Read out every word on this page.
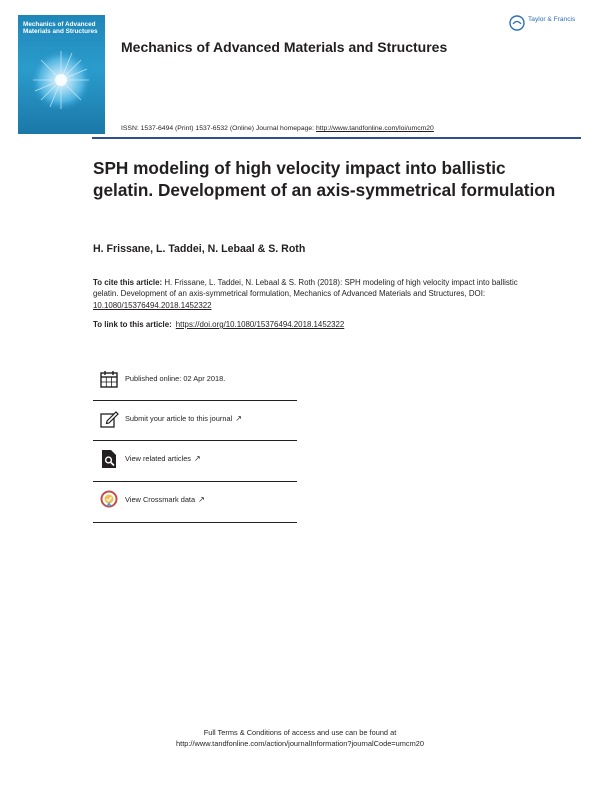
Mechanics of Advanced Materials and Structures
Mechanics of Advanced Materials and Structures
Taylor & Francis
ISSN: 1537-6494 (Print) 1537-6532 (Online) Journal homepage: http://www.tandfonline.com/loi/umcm20
SPH modeling of high velocity impact into ballistic gelatin. Development of an axis-symmetrical formulation
H. Frissane, L. Taddei, N. Lebaal & S. Roth
To cite this article: H. Frissane, L. Taddei, N. Lebaal & S. Roth (2018): SPH modeling of high velocity impact into ballistic gelatin. Development of an axis-symmetrical formulation, Mechanics of Advanced Materials and Structures, DOI: 10.1080/15376494.2018.1452322
To link to this article: https://doi.org/10.1080/15376494.2018.1452322
Published online: 02 Apr 2018.
Submit your article to this journal ↗
View related articles ↗
View Crossmark data ↗
Full Terms & Conditions of access and use can be found at
http://www.tandfonline.com/action/journalInformation?journalCode=umcm20
